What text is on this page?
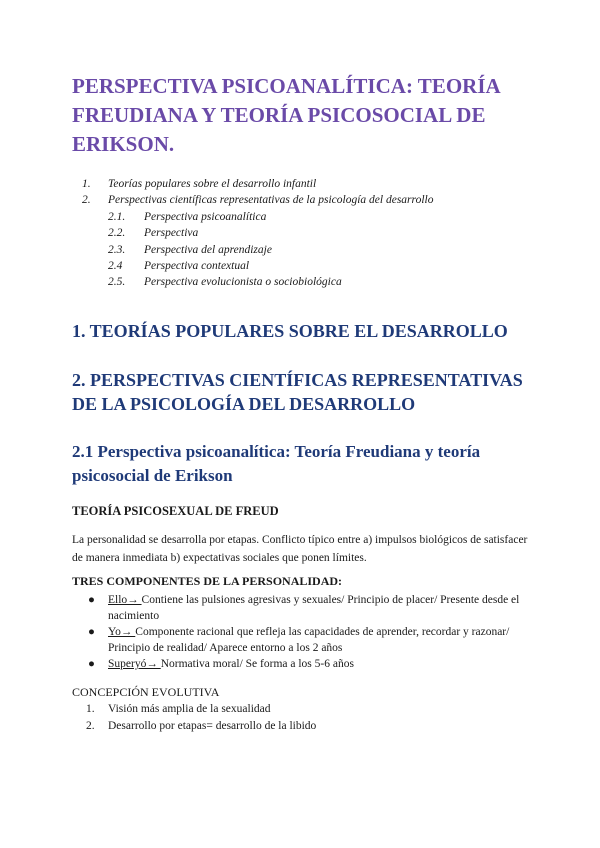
PERSPECTIVA PSICOANALÍTICA: TEORÍA FREUDIANA Y TEORÍA PSICOSOCIAL DE ERIKSON.
1. Teorías populares sobre el desarrollo infantil
2. Perspectivas científicas representativas de la psicología del desarrollo
2.1. Perspectiva psicoanalítica
2.2. Perspectiva
2.3. Perspectiva del aprendizaje
2.4 Perspectiva contextual
2.5. Perspectiva evolucionista o sociobiológica
1. TEORÍAS POPULARES SOBRE EL DESARROLLO
2. PERSPECTIVAS CIENTÍFICAS REPRESENTATIVAS DE LA PSICOLOGÍA DEL DESARROLLO
2.1 Perspectiva psicoanalítica: Teoría Freudiana y teoría psicosocial de Erikson
TEORÍA PSICOSEXUAL DE FREUD

La personalidad se desarrolla por etapas. Conflicto típico entre a) impulsos biológicos de satisfacer de manera inmediata b) expectativas sociales que ponen límites.

TRES COMPONENTES DE LA PERSONALIDAD:
● Ello→ Contiene las pulsiones agresivas y sexuales/ Principio de placer/ Presente desde el nacimiento
● Yo→ Componente racional que refleja las capacidades de aprender, recordar y razonar/ Principio de realidad/ Aparece entorno a los 2 años
● Superyó→ Normativa moral/ Se forma a los 5-6 años

CONCEPCIÓN EVOLUTIVA

1. Visión más amplia de la sexualidad
2. Desarrollo por etapas= desarrollo de la libido
